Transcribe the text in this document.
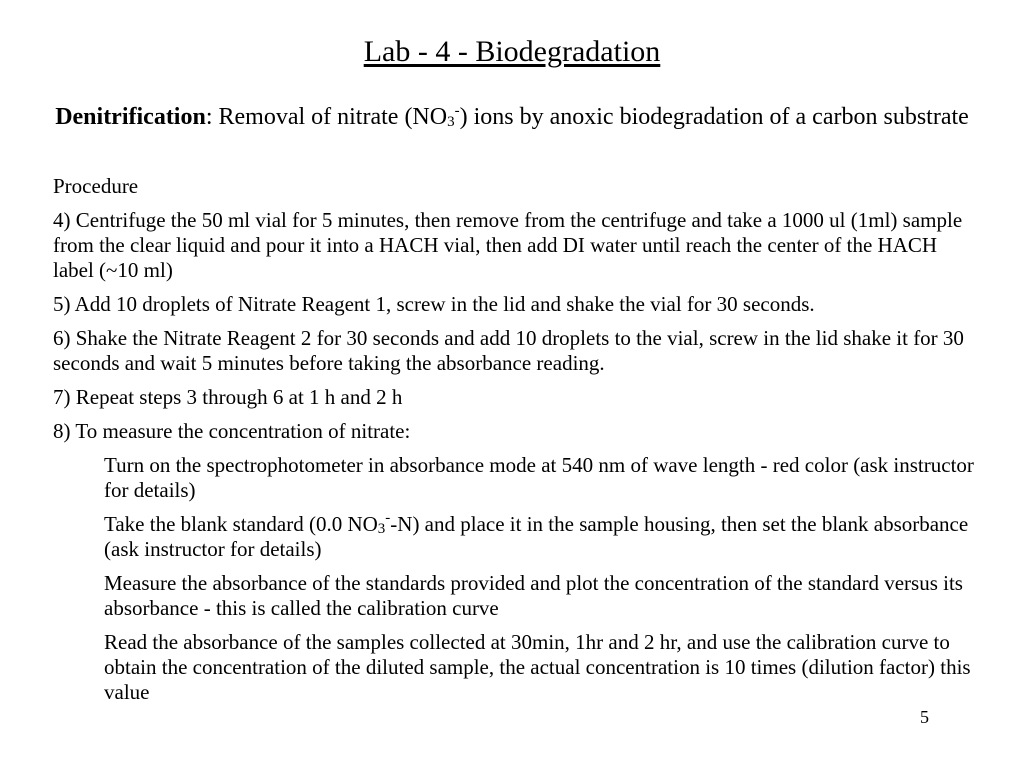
Lab - 4 - Biodegradation
Denitrification: Removal of nitrate $(NO_3^-)$ ions by anoxic biodegradation of a carbon substrate

Procedure

4) Centrifuge the 50 ml vial for 5 minutes, then remove from the centrifuge and take a 1000 ul (1ml) sample from the clear liquid and pour it into a HACH vial, then add DI water until reach the center of the HACH label (~10 ml)

5) Add 10 droplets of Nitrate Reagent 1, screw in the lid and shake the vial for 30 seconds.

6) Shake the Nitrate Reagent 2 for 30 seconds and add 10 droplets to the vial, screw in the lid shake it for 30 seconds and wait 5 minutes before taking the absorbance reading.

7) Repeat steps 3 through 6 at 1 h and 2 h

8) To measure the concentration of nitrate:

Turn on the spectrophotometer in absorbance mode at 540 nm of wave length - red color (ask instructor for details)

Take the blank standard (0.0 $NO_3^--N$) and place it in the sample housing, then set the blank absorbance (ask instructor for details)

Measure the absorbance of the standards provided and plot the concentration of the standard versus its absorbance - this is called the calibration curve

Read the absorbance of the samples collected at 30min, 1hr and 2 hr, and use the calibration curve to obtain the concentration of the diluted sample, the actual concentration is 10 times (dilution factor) this value

5
